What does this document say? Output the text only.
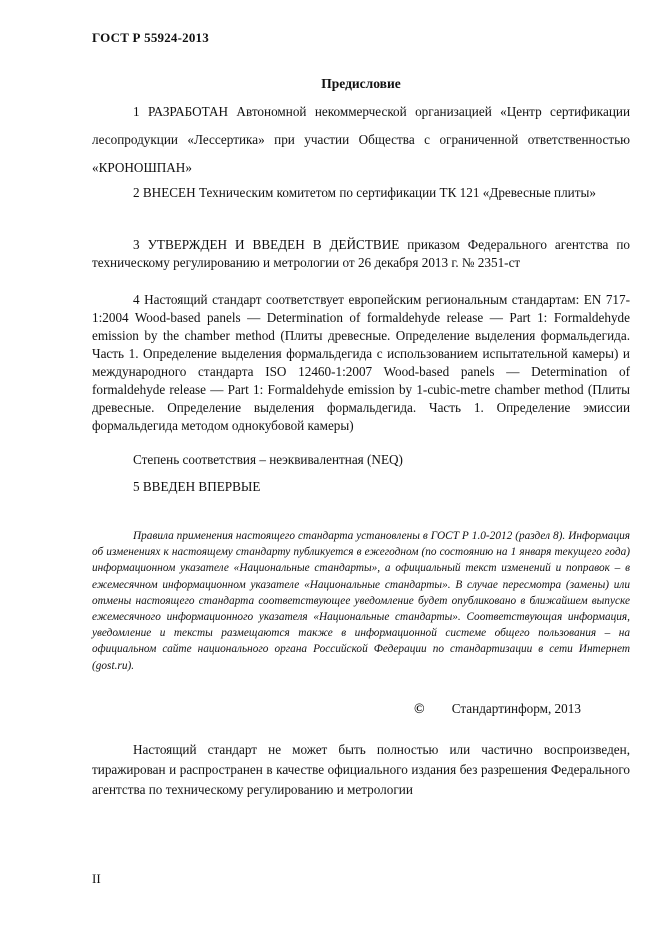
ГОСТ Р 55924-2013
Предисловие

1 РАЗРАБОТАН Автономной некоммерческой организацией «Центр сертификации лесопродукции «Лессертика» при участии Общества с ограниченной ответственностью «КРОНОШПАН»

2 ВНЕСЕН Техническим комитетом по сертификации ТК 121 «Древесные плиты»

3 УТВЕРЖДЕН И ВВЕДЕН В ДЕЙСТВИЕ приказом Федерального агентства по техническому регулированию и метрологии от 26 декабря 2013 г. № 2351-ст

4 Настоящий стандарт соответствует европейским региональным стандартам: EN 717-1:2004 Wood-based panels — Determination of formaldehyde release — Part 1: Formaldehyde emission by the chamber method (Плиты древесные. Определение выделения формальдегида. Часть 1. Определение выделения формальдегида с использованием испытательной камеры) и международного стандарта ISO 12460-1:2007 Wood-based panels — Determination of formaldehyde release — Part 1: Formaldehyde emission by 1-cubic-metre chamber method (Плиты древесные. Определение выделения формальдегида. Часть 1. Определение эмиссии формальдегида методом однокубовой камеры)

Степень соответствия – неэквивалентная (NEQ)

5 ВВЕДЕН ВПЕРВЫЕ

Правила применения настоящего стандарта установлены в ГОСТ Р 1.0-2012 (раздел 8). Информация об изменениях к настоящему стандарту публикуется в ежегодном (по состоянию на 1 января текущего года) информационном указателе «Национальные стандарты», а официальный текст изменений и поправок – в ежемесячном информационном указателе «Национальные стандарты». В случае пересмотра (замены) или отмены настоящего стандарта соответствующее уведомление будет опубликовано в ближайшем выпуске ежемесячного информационного указателя «Национальные стандарты». Соответствующая информация, уведомление и тексты размещаются также в информационной системе общего пользования – на официальном сайте национального органа Российской Федерации по стандартизации в сети Интернет (gost.ru).

© Стандартинформ, 2013

Настоящий стандарт не может быть полностью или частично воспроизведен, тиражирован и распространен в качестве официального издания без разрешения Федерального агентства по техническому регулированию и метрологии

II
